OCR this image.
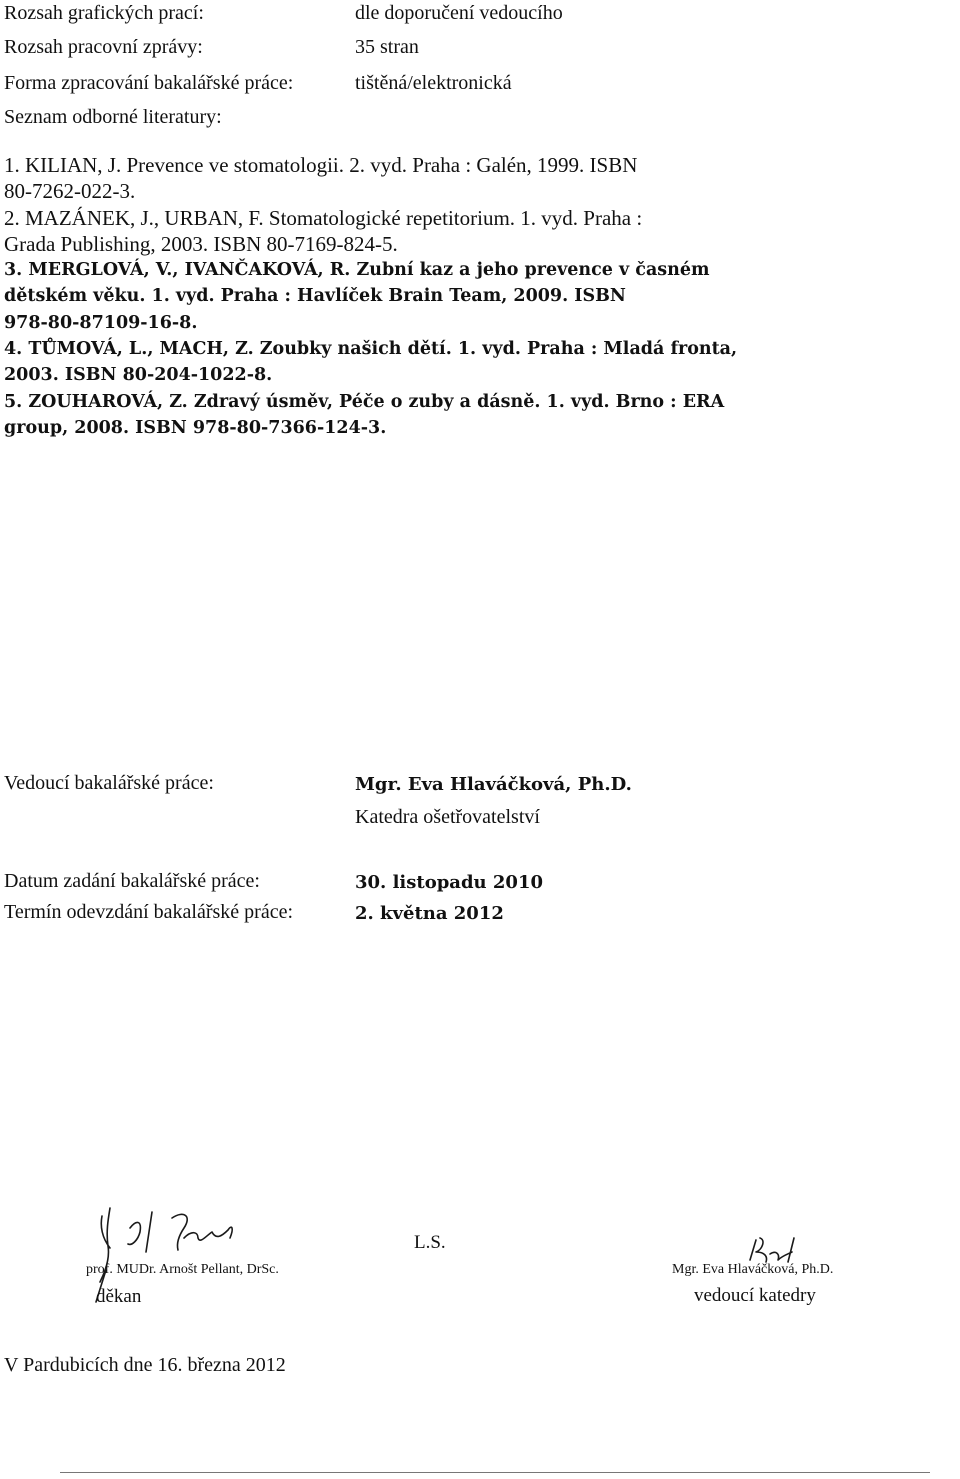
Rozsah grafických prací:	dle doporučení vedoucího
Rozsah pracovní zprávy:	35 stran
Forma zpracování bakalářské práce:	tištěná/elektronická
Seznam odborné literatury:
1. KILIAN, J. Prevence ve stomatologii. 2. vyd. Praha : Galén, 1999. ISBN
80-7262-022-3.
2. MAZÁNEK, J., URBAN, F. Stomatologické repetitorium. 1. vyd. Praha :
Grada Publishing, 2003. ISBN 80-7169-824-5.
3. MERGLOVÁ, V., IVANČAKOVÁ, R. Zubní kaz a jeho prevence v časném
dětském věku. 1. vyd. Praha : Havlíček Brain Team, 2009. ISBN
978-80-87109-16-8.
4. TŮMOVÁ, L., MACH, Z. Zoubky našich dětí. 1. vyd. Praha : Mladá fronta,
2003. ISBN 80-204-1022-8.
5. ZOUHAROVÁ, Z. Zdravý úsměv, Péče o zuby a dásně. 1. vyd. Brno : ERA
group, 2008. ISBN 978-80-7366-124-3.
Vedoucí bakalářské práce:	Mgr. Eva Hlaváčková, Ph.D.
Katedra ošetřovatelství
Datum zadání bakalářské práce:	30. listopadu 2010
Termín odevzdání bakalářské práce:	2. května 2012
prof. MUDr. Arnošt Pellant, DrSc.
děkan
L.S.
Mgr. Eva Hlaváčková, Ph.D.
vedoucí katedry
V Pardubicích dne 16. března 2012
